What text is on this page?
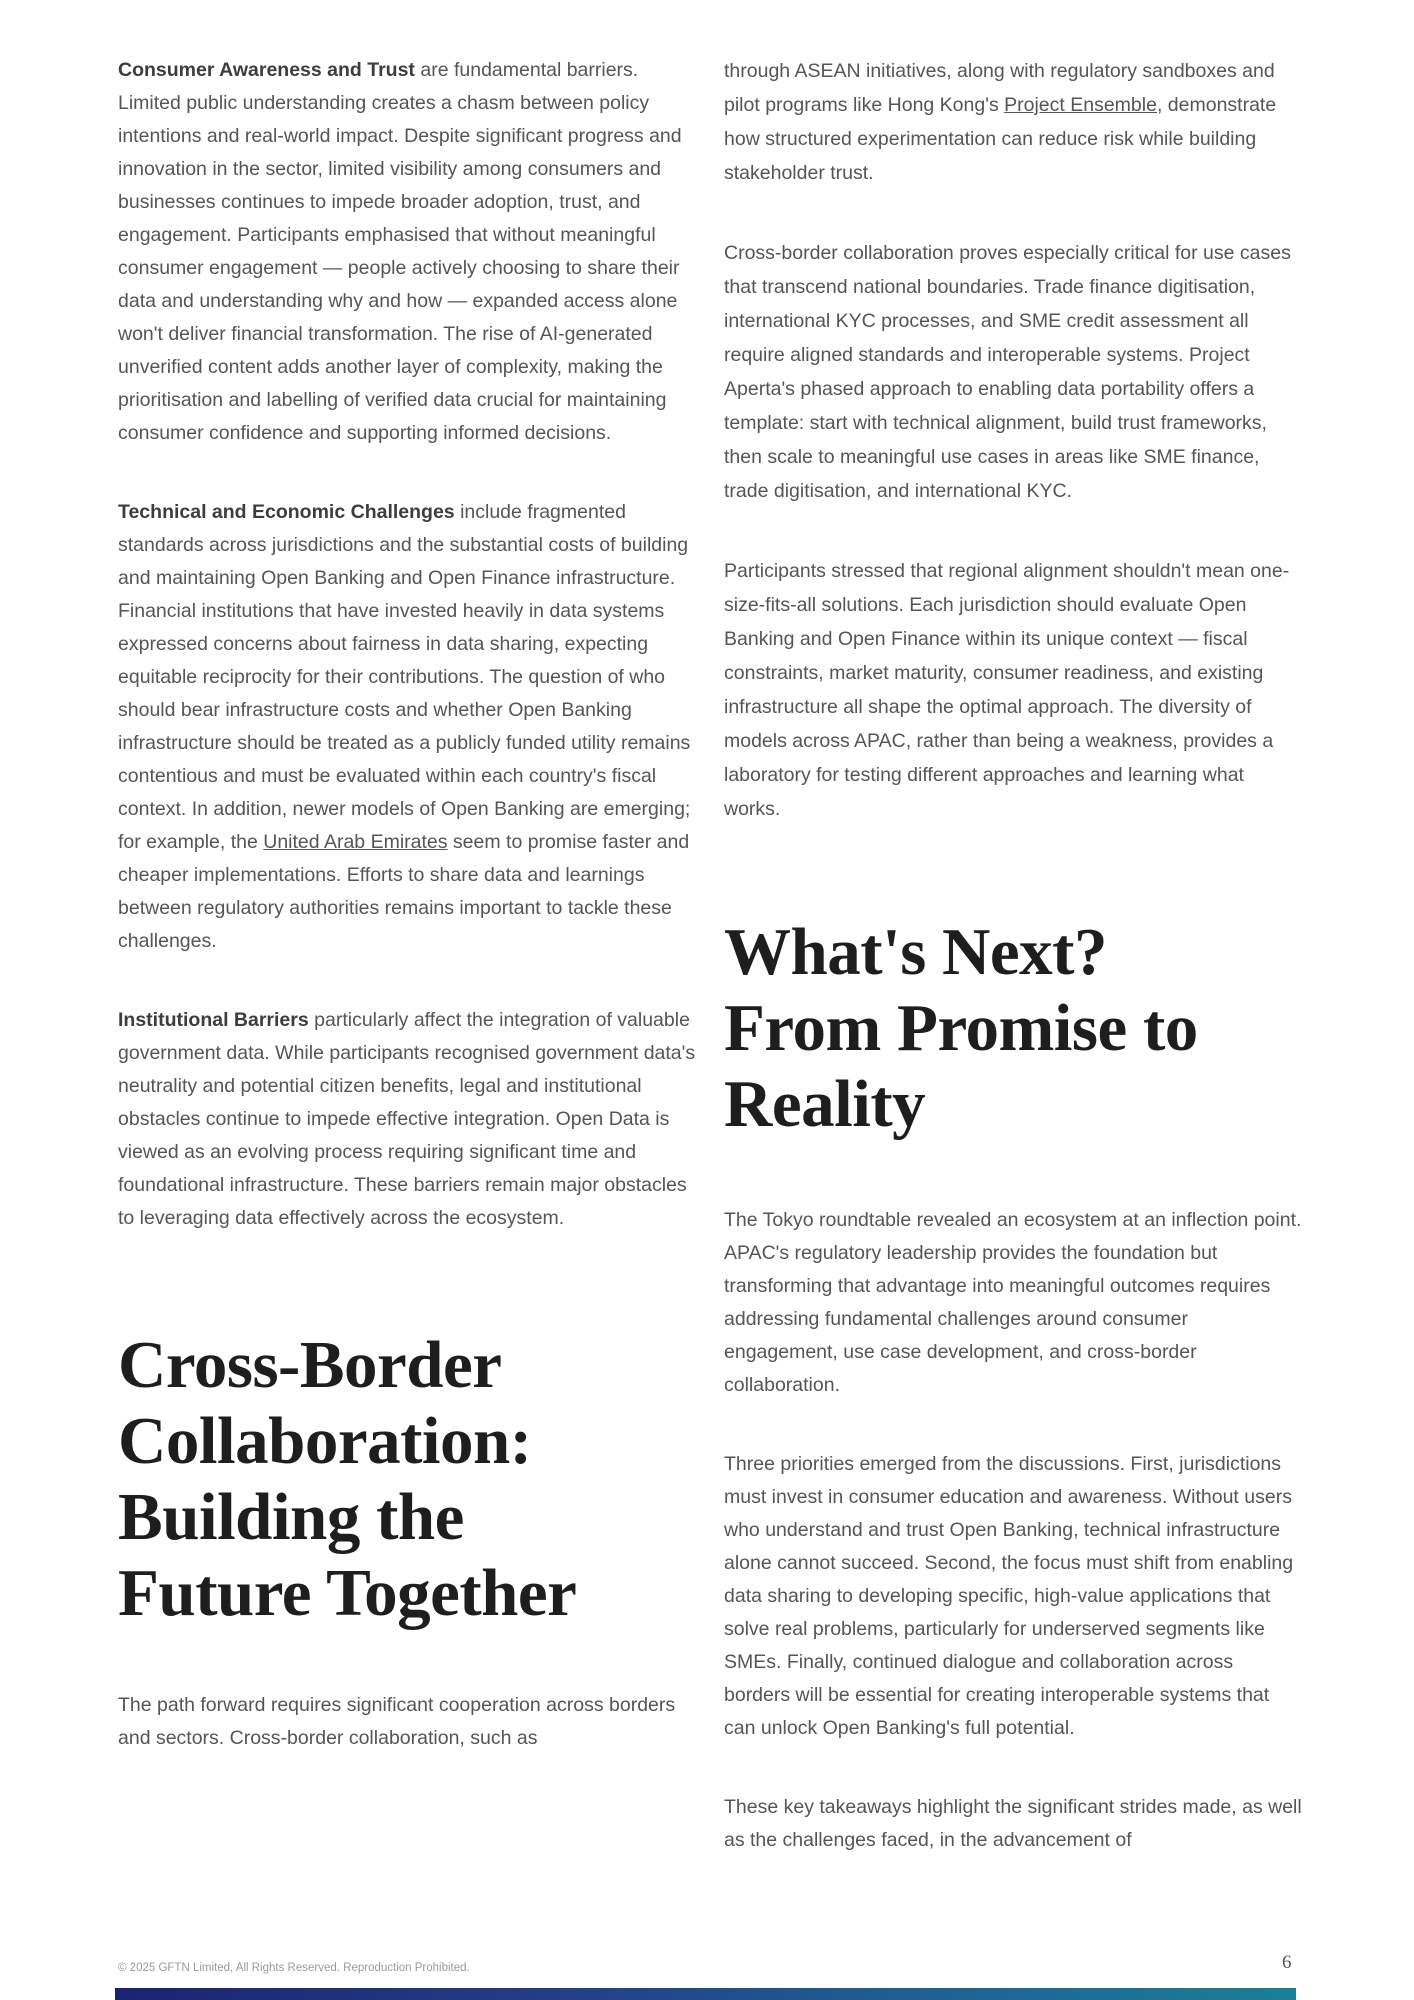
Consumer Awareness and Trust are fundamental barriers. Limited public understanding creates a chasm between policy intentions and real-world impact. Despite significant progress and innovation in the sector, limited visibility among consumers and businesses continues to impede broader adoption, trust, and engagement. Participants emphasised that without meaningful consumer engagement — people actively choosing to share their data and understanding why and how — expanded access alone won't deliver financial transformation. The rise of AI-generated unverified content adds another layer of complexity, making the prioritisation and labelling of verified data crucial for maintaining consumer confidence and supporting informed decisions.

Technical and Economic Challenges include fragmented standards across jurisdictions and the substantial costs of building and maintaining Open Banking and Open Finance infrastructure. Financial institutions that have invested heavily in data systems expressed concerns about fairness in data sharing, expecting equitable reciprocity for their contributions. The question of who should bear infrastructure costs and whether Open Banking infrastructure should be treated as a publicly funded utility remains contentious and must be evaluated within each country's fiscal context. In addition, newer models of Open Banking are emerging; for example, the United Arab Emirates seem to promise faster and cheaper implementations. Efforts to share data and learnings between regulatory authorities remains important to tackle these challenges.

Institutional Barriers particularly affect the integration of valuable government data. While participants recognised government data's neutrality and potential citizen benefits, legal and institutional obstacles continue to impede effective integration. Open Data is viewed as an evolving process requiring significant time and foundational infrastructure. These barriers remain major obstacles to leveraging data effectively across the ecosystem.

Cross-Border
Collaboration:
Building the
Future Together

The path forward requires significant cooperation across borders and sectors. Cross-border collaboration, such as

through ASEAN initiatives, along with regulatory sandboxes and pilot programs like Hong Kong's Project Ensemble, demonstrate how structured experimentation can reduce risk while building stakeholder trust.

Cross-border collaboration proves especially critical for use cases that transcend national boundaries. Trade finance digitisation, international KYC processes, and SME credit assessment all require aligned standards and interoperable systems. Project Aperta's phased approach to enabling data portability offers a template: start with technical alignment, build trust frameworks, then scale to meaningful use cases in areas like SME finance, trade digitisation, and international KYC.

Participants stressed that regional alignment shouldn't mean one-size-fits-all solutions. Each jurisdiction should evaluate Open Banking and Open Finance within its unique context — fiscal constraints, market maturity, consumer readiness, and existing infrastructure all shape the optimal approach. The diversity of models across APAC, rather than being a weakness, provides a laboratory for testing different approaches and learning what works.

What's Next?
From Promise to
Reality

The Tokyo roundtable revealed an ecosystem at an inflection point. APAC's regulatory leadership provides the foundation but transforming that advantage into meaningful outcomes requires addressing fundamental challenges around consumer engagement, use case development, and cross-border collaboration.

Three priorities emerged from the discussions. First, jurisdictions must invest in consumer education and awareness. Without users who understand and trust Open Banking, technical infrastructure alone cannot succeed. Second, the focus must shift from enabling data sharing to developing specific, high-value applications that solve real problems, particularly for underserved segments like SMEs. Finally, continued dialogue and collaboration across borders will be essential for creating interoperable systems that can unlock Open Banking's full potential.

These key takeaways highlight the significant strides made, as well as the challenges faced, in the advancement of

© 2025 GFTN Limited, All Rights Reserved. Reproduction Prohibited.	6
